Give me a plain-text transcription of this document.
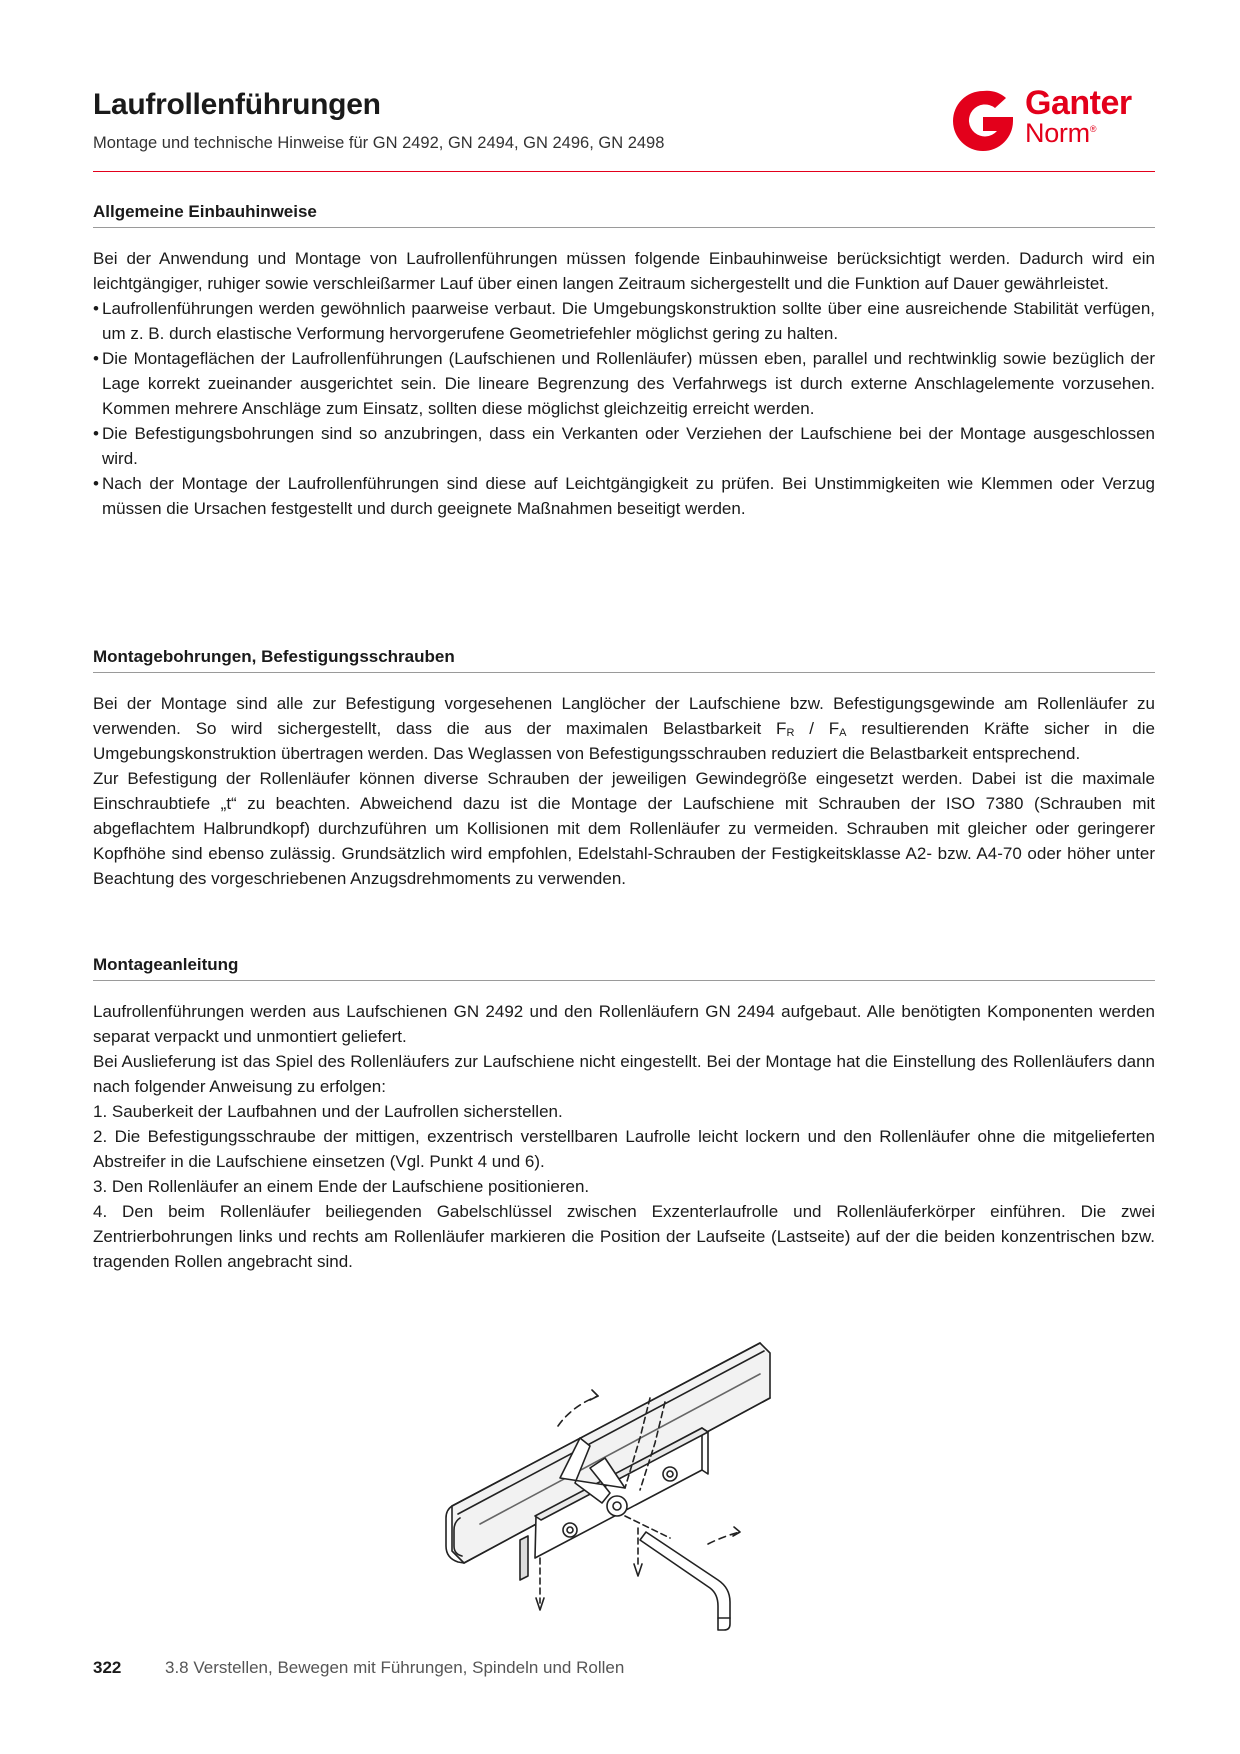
Laufrollenführungen
Montage und technische Hinweise für GN 2492, GN 2494, GN 2496, GN 2498
Ganter
Norm®
Allgemeine Einbauhinweise

Bei der Anwendung und Montage von Laufrollenführungen müssen folgende Einbauhinweise berücksichtigt werden. Dadurch wird ein leichtgängiger, ruhiger sowie verschleißarmer Lauf über einen langen Zeitraum sichergestellt und die Funktion auf Dauer gewährleistet.

• Laufrollenführungen werden gewöhnlich paarweise verbaut. Die Umgebungskonstruktion sollte über eine ausreichende Stabilität verfügen, um z. B. durch elastische Verformung hervorgerufene Geometriefehler möglichst gering zu halten.
• Die Montageflächen der Laufrollenführungen (Laufschienen und Rollenläufer) müssen eben, parallel und rechtwinklig sowie bezüglich der Lage korrekt zueinander ausgerichtet sein. Die lineare Begrenzung des Verfahrwegs ist durch externe Anschlagelemente vorzusehen. Kommen mehrere Anschläge zum Einsatz, sollten diese möglichst gleichzeitig erreicht werden.
• Die Befestigungsbohrungen sind so anzubringen, dass ein Verkanten oder Verziehen der Laufschiene bei der Montage ausgeschlossen wird.
• Nach der Montage der Laufrollenführungen sind diese auf Leichtgängigkeit zu prüfen. Bei Unstimmigkeiten wie Klemmen oder Verzug müssen die Ursachen festgestellt und durch geeignete Maßnahmen beseitigt werden.
Montagebohrungen, Befestigungsschrauben

Bei der Montage sind alle zur Befestigung vorgesehenen Langlöcher der Laufschiene bzw. Befestigungsgewinde am Rollenläufer zu verwenden. So wird sichergestellt, dass die aus der maximalen Belastbarkeit $F_R / F_A$ resultierenden Kräfte sicher in die Umgebungskonstruktion übertragen werden. Das Weglassen von Befestigungsschrauben reduziert die Belastbarkeit entsprechend.

Zur Befestigung der Rollenläufer können diverse Schrauben der jeweiligen Gewindegröße eingesetzt werden. Dabei ist die maximale Einschraubtiefe „t“ zu beachten. Abweichend dazu ist die Montage der Laufschiene mit Schrauben der ISO 7380 (Schrauben mit abgeflachtem Halbrundkopf) durchzuführen um Kollisionen mit dem Rollenläufer zu vermeiden. Schrauben mit gleicher oder geringerer Kopfhöhe sind ebenso zulässig. Grundsätzlich wird empfohlen, Edelstahl-Schrauben der Festigkeitsklasse A2- bzw. A4-70 oder höher unter Beachtung des vorgeschriebenen Anzugsdrehmoments zu verwenden.

Montageanleitung

Laufrollenführungen werden aus Laufschienen GN 2492 und den Rollenläufern GN 2494 aufgebaut. Alle benötigten Komponenten werden separat verpackt und unmontiert geliefert.

Bei Auslieferung ist das Spiel des Rollenläufers zur Laufschiene nicht eingestellt. Bei der Montage hat die Einstellung des Rollenläufers dann nach folgender Anweisung zu erfolgen:

1. Sauberkeit der Laufbahnen und der Laufrollen sicherstellen.

2. Die Befestigungsschraube der mittigen, exzentrisch verstellbaren Laufrolle leicht lockern und den Rollenläufer ohne die mitgelieferten Abstreifer in die Laufschiene einsetzen (Vgl. Punkt 4 und 6).

3. Den Rollenläufer an einem Ende der Laufschiene positionieren.

4. Den beim Rollenläufer beiliegenden Gabelschlüssel zwischen Exzenterlaufrolle und Rollenläuferkörper einführen. Die zwei Zentrierbohrungen links und rechts am Rollenläufer markieren die Position der Laufseite (Lastseite) auf der die beiden konzentrischen bzw. tragenden Rollen angebracht sind.

322	3.8 Verstellen, Bewegen mit Führungen, Spindeln und Rollen
